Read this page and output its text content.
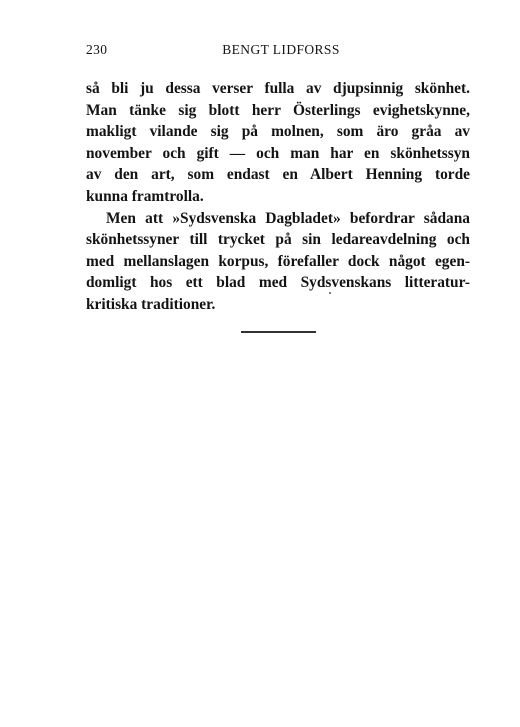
230	BENGT LIDFORSS
så bli ju dessa verser fulla av djupsinnig skönhet.
Man tänke sig blott herr Österlings evighetskynne,
makligt vilande sig på molnen, som äro gråa av
november och gift — och man har en skönhetssyn
av den art, som endast en Albert Henning torde
kunna framtrolla.
Men att »Sydsvenska Dagbladet» befordrar sådana
skönhetssyner till trycket på sin ledareavdelning och
med mellanslagen korpus, förefaller dock något egen-
domligt hos ett blad med Sydsvenskans litteratur-
kritiska traditioner.
